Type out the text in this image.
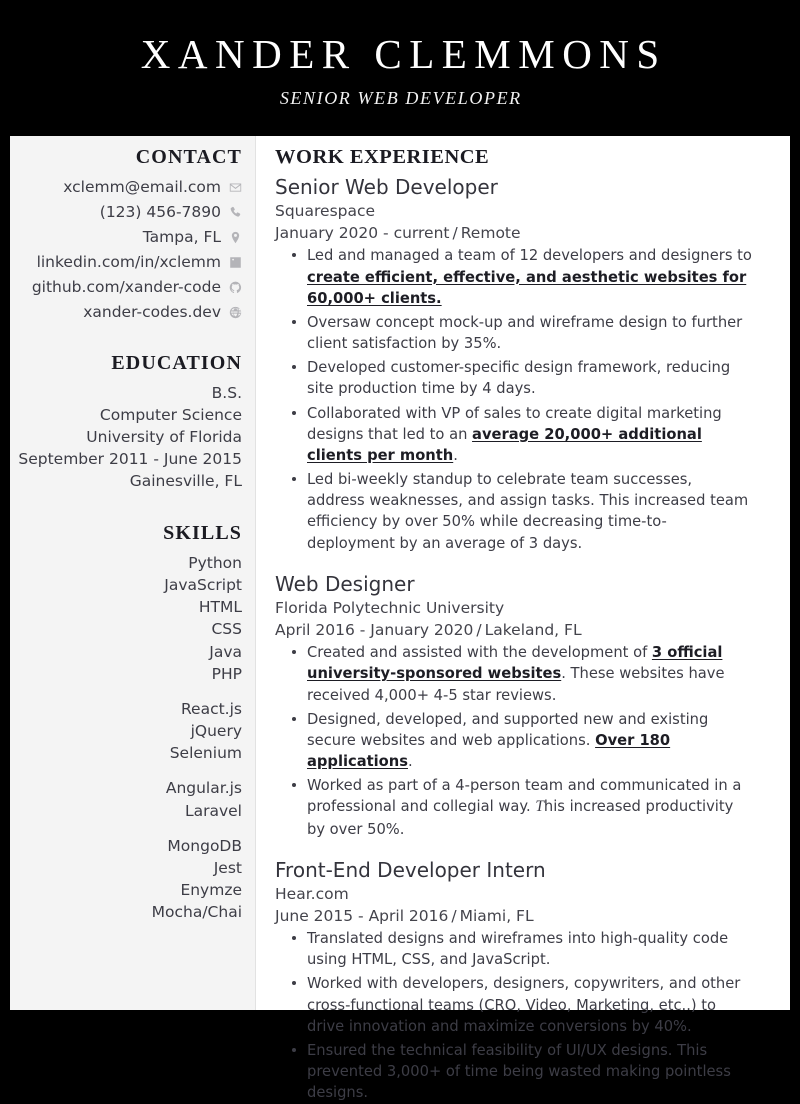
XANDER CLEMMONS
SENIOR WEB DEVELOPER
CONTACT
xclemm@email.com
(123) 456-7890
Tampa, FL
linkedin.com/in/xclemm
github.com/xander-code
xander-codes.dev
EDUCATION
B.S.
Computer Science
University of Florida
September 2011 - June 2015
Gainesville, FL
SKILLS
Python
JavaScript
HTML
CSS
Java
PHP
React.js
jQuery
Selenium
Angular.js
Laravel
MongoDB
Jest
Enymze
Mocha/Chai
WORK EXPERIENCE
Senior Web Developer
Squarespace
January 2020 - current / Remote
Led and managed a team of 12 developers and designers to create efficient, effective, and aesthetic websites for 60,000+ clients.
Oversaw concept mock-up and wireframe design to further client satisfaction by 35%.
Developed customer-specific design framework, reducing site production time by 4 days.
Collaborated with VP of sales to create digital marketing designs that led to an average 20,000+ additional clients per month.
Led bi-weekly standup to celebrate team successes, address weaknesses, and assign tasks. This increased team efficiency by over 50% while decreasing time-to-deployment by an average of 3 days.
Web Designer
Florida Polytechnic University
April 2016 - January 2020 / Lakeland, FL
Created and assisted with the development of 3 official university-sponsored websites. These websites have received 4,000+ 4-5 star reviews.
Designed, developed, and supported new and existing secure websites and web applications. Over 180 applications.
Worked as part of a 4-person team and communicated in a professional and collegial way. This increased productivity by over 50%.
Front-End Developer Intern
Hear.com
June 2015 - April 2016 / Miami, FL
Translated designs and wireframes into high-quality code using HTML, CSS, and JavaScript.
Worked with developers, designers, copywriters, and other cross-functional teams (CRO, Video, Marketing, etc..) to drive innovation and maximize conversions by 40%.
Ensured the technical feasibility of UI/UX designs. This prevented 3,000+ of time being wasted making pointless designs.
